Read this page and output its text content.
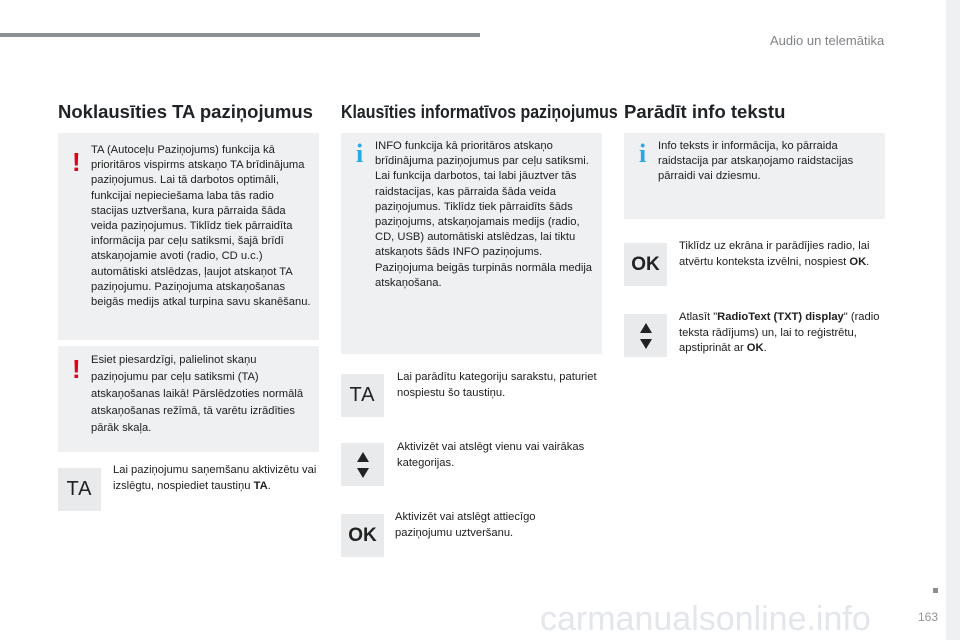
Audio un telemātika
Noklausīties TA paziņojumus
! TA (Autoceļu Paziņojums) funkcija kā prioritāros vispirms atskaņo TA brīdinājuma paziņojumus. Lai tā darbotos optimāli, funkcijai nepieciešama laba tās radio stacijas uztveršana, kura pārraida šāda veida paziņojumus. Tiklīdz tiek pārraidīta informācija par ceļu satiksmi, šajā brīdī atskaņojamie avoti (radio, CD u.c.) automātiski atslēdzas, ļaujot atskaņot TA paziņojumu. Paziņojuma atskaņošanas beigās medijs atkal turpina savu skanēšanu.
! Esiet piesardzīgi, palielinot skaņu paziņojumu par ceļu satiksmi (TA) atskaņošanas laikā! Pārslēdzoties normālā atskaņošanas režīmā, tā varētu izrādīties pārāk skaļa.
TA
Lai paziņojumu saņemšanu aktivizētu vai izslēgtu, nospiediet taustiņu TA.
Klausīties informatīvos paziņojumus
i INFO funkcija kā prioritāros atskaņo brīdinājuma paziņojumus par ceļu satiksmi. Lai funkcija darbotos, tai labi jāuztver tās raidstacijas, kas pārraida šāda veida paziņojumus. Tiklīdz tiek pārraidīts šāds paziņojums, atskaņojamais medijs (radio, CD, USB) automātiski atslēdzas, lai tiktu atskaņots šāds INFO paziņojums. Paziņojuma beigās turpinās normāla medija atskaņošana.
TA
Lai parādītu kategoriju sarakstu, paturiet nospiestu šo taustiņu.
Aktivizēt vai atslēgt vienu vai vairākas kategorijas.
OK
Aktivizēt vai atslēgt attiecīgo paziņojumu uztveršanu.
Parādīt info tekstu
i Info teksts ir informācija, ko pārraida raidstacija par atskaņojamo raidstacijas pārraidi vai dziesmu.
OK
Tiklīdz uz ekrāna ir parādījies radio, lai atvērtu konteksta izvēlni, nospiest OK.
Atlasīt "RadioText (TXT) display" (radio teksta rādījums) un, lai to reģistrētu, apstiprināt ar OK.
carmanualsonline.info	163
